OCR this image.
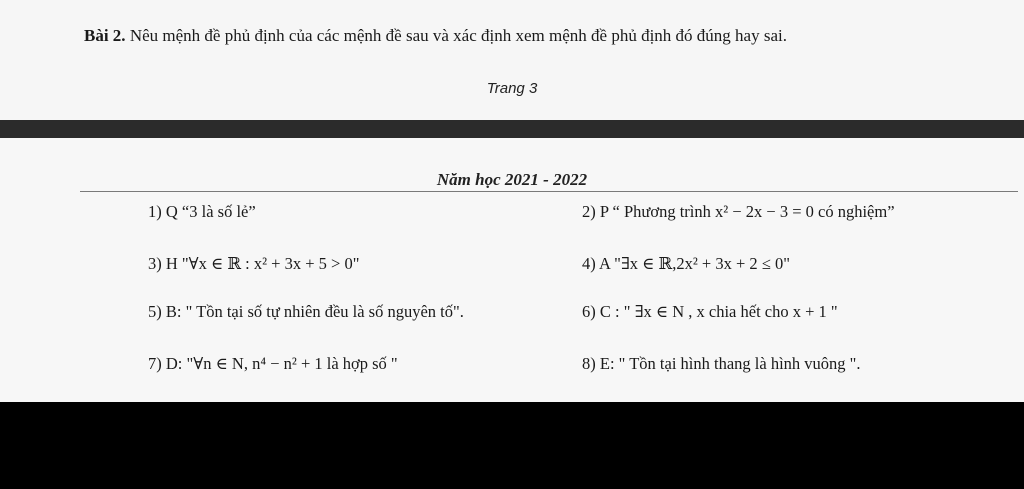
Bài 2. Nêu mệnh đề phủ định của các mệnh đề sau và xác định xem mệnh đề phủ định đó đúng hay sai.
Trang 3
Năm học 2021 - 2022
1) Q “3 là số lẻ”	2) P “ Phương trình x² − 2x − 3 = 0 có nghiệm”
3) H "∀x ∈ ℝ : x² + 3x + 5 > 0"	4) A "∃x ∈ ℝ,2x² + 3x + 2 ≤ 0"
5) B: " Tồn tại số tự nhiên đều là số nguyên tố".	6) C : " ∃x ∈ N , x chia hết cho x + 1 "
7) D: "∀n ∈ N, n⁴ − n² + 1 là hợp số "	8) E: " Tồn tại hình thang là hình vuông ".
